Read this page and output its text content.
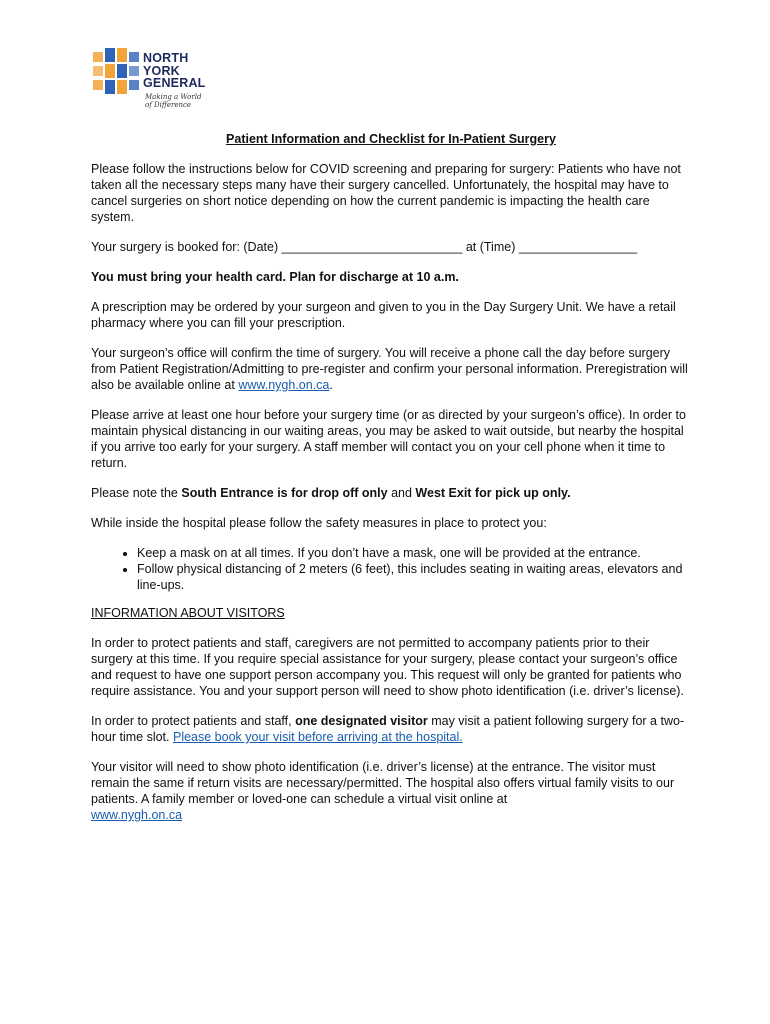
NORTH
YORK
GENERAL
Making a World
of Difference
Patient Information and Checklist for In-Patient Surgery

Please follow the instructions below for COVID screening and preparing for surgery: Patients who have not taken all the necessary steps many have their surgery cancelled. Unfortunately, the hospital may have to cancel surgeries on short notice depending on how the current pandemic is impacting the health care system.

Your surgery is booked for: (Date) __________________________ at (Time) _________________

You must bring your health card. Plan for discharge at 10 a.m.

A prescription may be ordered by your surgeon and given to you in the Day Surgery Unit. We have a retail pharmacy where you can fill your prescription.

Your surgeon’s office will confirm the time of surgery. You will receive a phone call the day before surgery from Patient Registration/Admitting to pre-register and confirm your personal information. Preregistration will also be available online at www.nygh.on.ca.

Please arrive at least one hour before your surgery time (or as directed by your surgeon’s office). In order to maintain physical distancing in our waiting areas, you may be asked to wait outside, but nearby the hospital if you arrive too early for your surgery. A staff member will contact you on your cell phone when it time to return.

Please note the South Entrance is for drop off only and West Exit for pick up only.

While inside the hospital please follow the safety measures in place to protect you:

• Keep a mask on at all times. If you don’t have a mask, one will be provided at the entrance.
• Follow physical distancing of 2 meters (6 feet), this includes seating in waiting areas, elevators and line-ups.

INFORMATION ABOUT VISITORS

In order to protect patients and staff, caregivers are not permitted to accompany patients prior to their surgery at this time. If you require special assistance for your surgery, please contact your surgeon’s office and request to have one support person accompany you. This request will only be granted for patients who require assistance. You and your support person will need to show photo identification (i.e. driver’s license).

In order to protect patients and staff, one designated visitor may visit a patient following surgery for a two-hour time slot. Please book your visit before arriving at the hospital.

Your visitor will need to show photo identification (i.e. driver’s license) at the entrance. The visitor must remain the same if return visits are necessary/permitted. The hospital also offers virtual family visits to our patients. A family member or loved-one can schedule a virtual visit online at
www.nygh.on.ca
